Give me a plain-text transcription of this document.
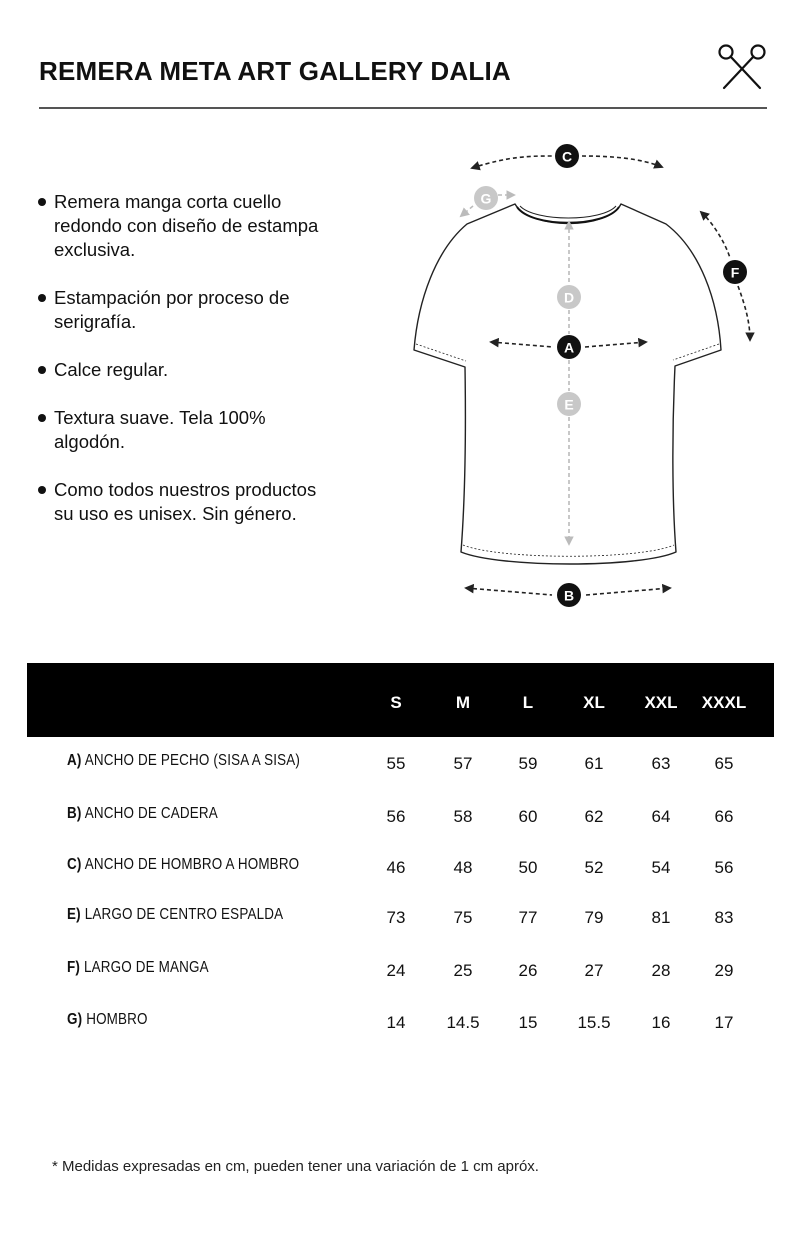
REMERA META ART GALLERY DALIA
Remera manga corta cuello redondo con diseño de estampa exclusiva.
Estampación por proceso de serigrafía.
Calce regular.
Textura suave. Tela 100% algodón.
Como todos nuestros productos su uso es unisex. Sin género.
C
G
F
D
A
E
B
S	M	L	XL	XXL	XXXL
A) ANCHO DE PECHO (SISA A SISA)	55	57	59	61	63	65
B) ANCHO DE CADERA	56	58	60	62	64	66
C) ANCHO DE HOMBRO A HOMBRO	46	48	50	52	54	56
E) LARGO DE CENTRO ESPALDA	73	75	77	79	81	83
F) LARGO DE MANGA	24	25	26	27	28	29
G) HOMBRO	14	14.5	15	15.5	16	17

* Medidas expresadas en cm, pueden tener una variación de 1 cm apróx.
